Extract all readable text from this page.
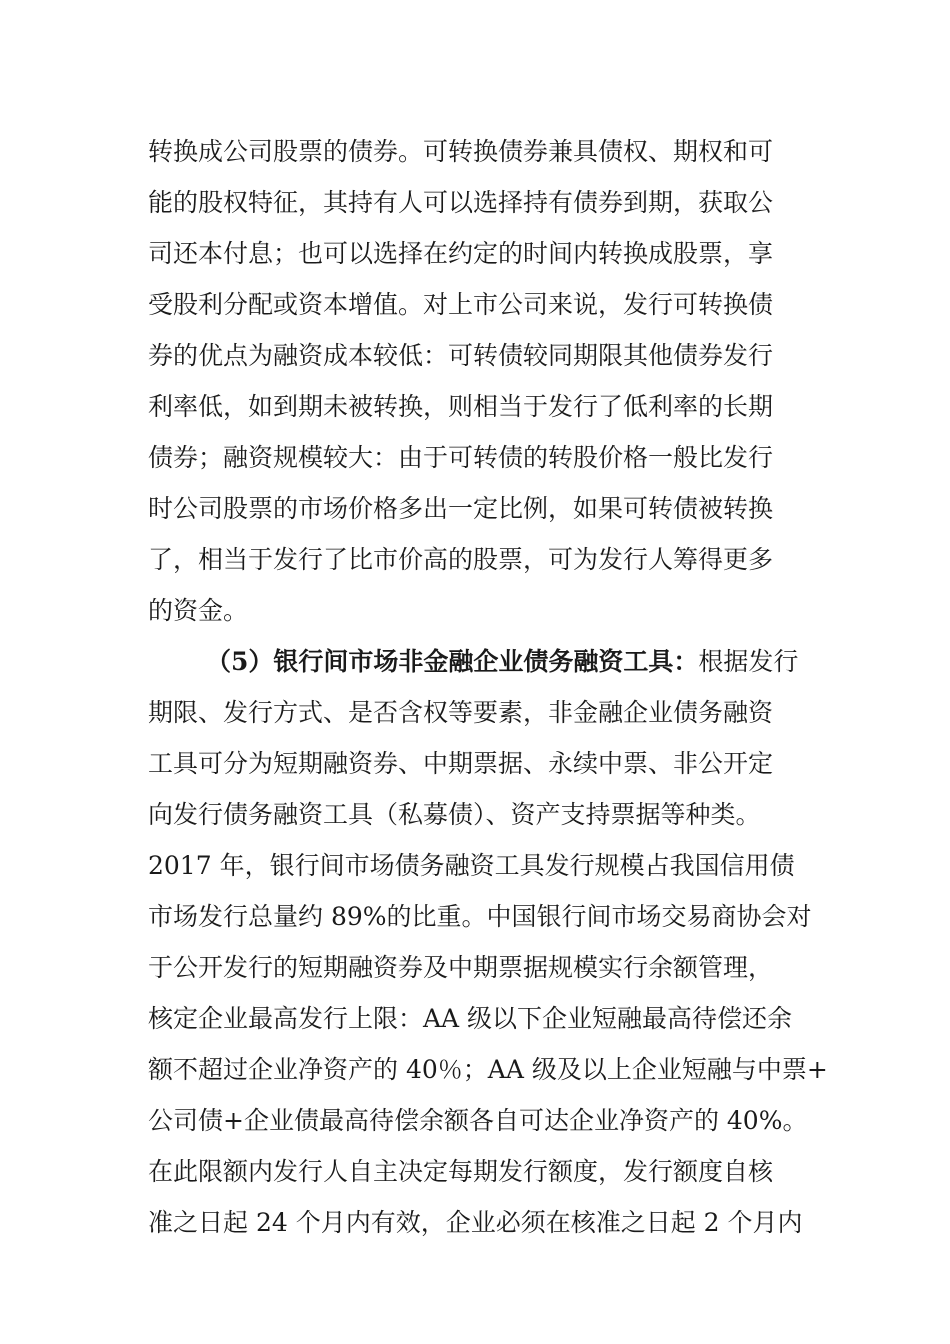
转换成公司股票的债券。可转换债券兼具债权、期权和可
能的股权特征，其持有人可以选择持有债券到期，获取公
司还本付息；也可以选择在约定的时间内转换成股票，享
受股利分配或资本增值。对上市公司来说，发行可转换债
券的优点为融资成本较低：可转债较同期限其他债券发行
利率低，如到期未被转换，则相当于发行了低利率的长期
债券；融资规模较大：由于可转债的转股价格一般比发行
时公司股票的市场价格多出一定比例，如果可转债被转换
了，相当于发行了比市价高的股票，可为发行人筹得更多
的资金。
（5）银行间市场非金融企业债务融资工具：根据发行
期限、发行方式、是否含权等要素，非金融企业债务融资
工具可分为短期融资券、中期票据、永续中票、非公开定
向发行债务融资工具（私募债）、资产支持票据等种类。
2017 年，银行间市场债务融资工具发行规模占我国信用债
市场发行总量约 89%的比重。中国银行间市场交易商协会对
于公开发行的短期融资券及中期票据规模实行余额管理，
核定企业最高发行上限：AA 级以下企业短融最高待偿还余
额不超过企业净资产的 40％；AA 级及以上企业短融与中票+
公司债+企业债最高待偿余额各自可达企业净资产的 40%。
在此限额内发行人自主决定每期发行额度，发行额度自核
准之日起 24 个月内有效，企业必须在核准之日起 2 个月内
